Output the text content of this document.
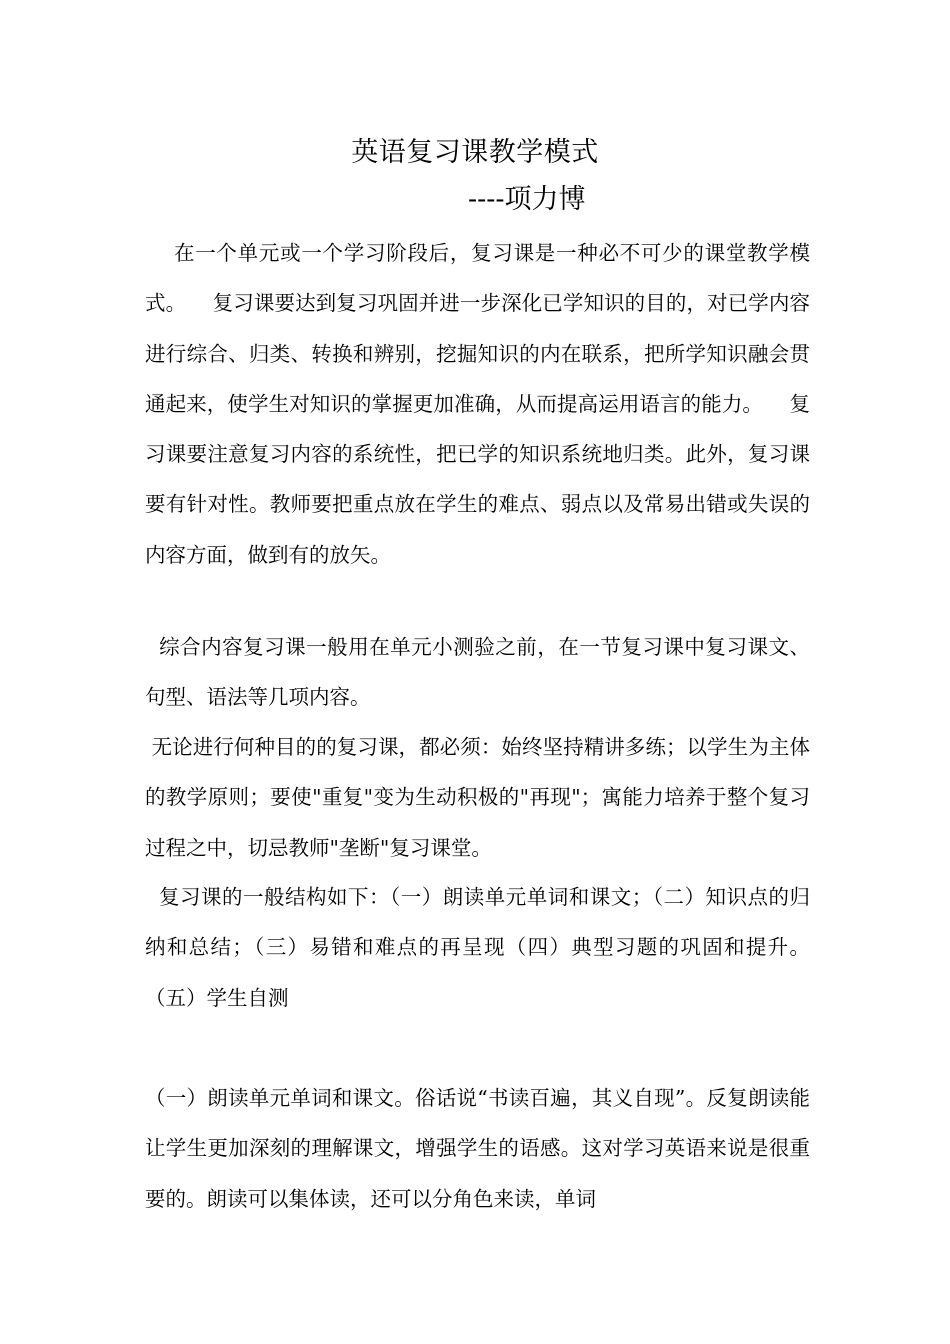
英语复习课教学模式
----项力博
在一个单元或一个学习阶段后，复习课是一种必不可少的课堂教学模式。    复习课要达到复习巩固并进一步深化已学知识的目的，对已学内容进行综合、归类、转换和辨别，挖掘知识的内在联系，把所学知识融会贯通起来，使学生对知识的掌握更加准确，从而提高运用语言的能力。    复习课要注意复习内容的系统性，把已学的知识系统地归类。此外，复习课要有针对性。教师要把重点放在学生的难点、弱点以及常易出错或失误的内容方面，做到有的放矢。
综合内容复习课一般用在单元小测验之前，在一节复习课中复习课文、句型、语法等几项内容。
无论进行何种目的的复习课，都必须：始终坚持精讲多练；以学生为主体的教学原则；要使"重复"变为生动积极的"再现"；寓能力培养于整个复习过程之中，切忌教师"垄断"复习课堂。
复习课的一般结构如下：（一）朗读单元单词和课文；（二）知识点的归纳和总结；（三）易错和难点的再呈现（四）典型习题的巩固和提升。（五）学生自测
（一）朗读单元单词和课文。俗话说“书读百遍，其义自现”。反复朗读能让学生更加深刻的理解课文，增强学生的语感。这对学习英语来说是很重要的。朗读可以集体读，还可以分角色来读，单词
